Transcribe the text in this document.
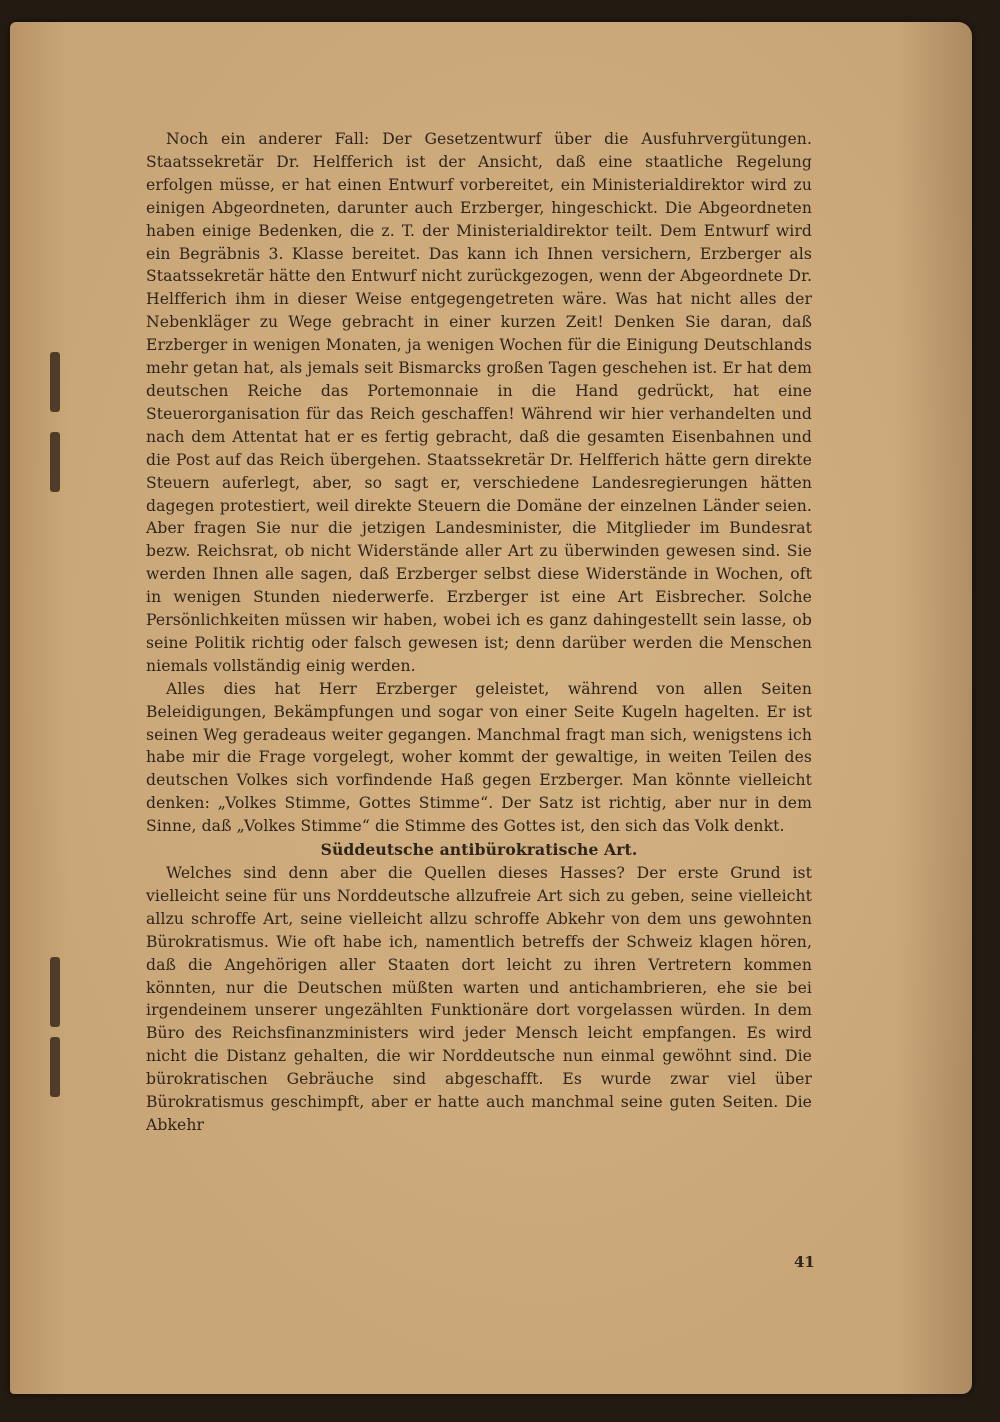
Noch ein anderer Fall: Der Gesetzentwurf über die Ausfuhrvergütungen. Staatssekretär Dr. Helfferich ist der Ansicht, daß eine staatliche Regelung erfolgen müsse, er hat einen Entwurf vorbereitet, ein Ministerialdirektor wird zu einigen Abgeordneten, darunter auch Erzberger, hingeschickt. Die Abgeordneten haben einige Bedenken, die z. T. der Ministerialdirektor teilt. Dem Entwurf wird ein Begräbnis 3. Klasse bereitet. Das kann ich Ihnen versichern, Erzberger als Staatssekretär hätte den Entwurf nicht zurückgezogen, wenn der Abgeordnete Dr. Helfferich ihm in dieser Weise entgegengetreten wäre. Was hat nicht alles der Nebenkläger zu Wege gebracht in einer kurzen Zeit! Denken Sie daran, daß Erzberger in wenigen Monaten, ja wenigen Wochen für die Einigung Deutschlands mehr getan hat, als jemals seit Bismarcks großen Tagen geschehen ist. Er hat dem deutschen Reiche das Portemonnaie in die Hand gedrückt, hat eine Steuerorganisation für das Reich geschaffen! Während wir hier verhandelten und nach dem Attentat hat er es fertig gebracht, daß die gesamten Eisenbahnen und die Post auf das Reich übergehen. Staatssekretär Dr. Helfferich hätte gern direkte Steuern auferlegt, aber, so sagt er, verschiedene Landesregierungen hätten dagegen protestiert, weil direkte Steuern die Domäne der einzelnen Länder seien. Aber fragen Sie nur die jetzigen Landesminister, die Mitglieder im Bundesrat bezw. Reichsrat, ob nicht Widerstände aller Art zu überwinden gewesen sind. Sie werden Ihnen alle sagen, daß Erzberger selbst diese Widerstände in Wochen, oft in wenigen Stunden niederwerfe. Erzberger ist eine Art Eisbrecher. Solche Persönlichkeiten müssen wir haben, wobei ich es ganz dahingestellt sein lasse, ob seine Politik richtig oder falsch gewesen ist; denn darüber werden die Menschen niemals vollständig einig werden.

Alles dies hat Herr Erzberger geleistet, während von allen Seiten Beleidigungen, Bekämpfungen und sogar von einer Seite Kugeln hagelten. Er ist seinen Weg geradeaus weiter gegangen. Manchmal fragt man sich, wenigstens ich habe mir die Frage vorgelegt, woher kommt der gewaltige, in weiten Teilen des deutschen Volkes sich vorfindende Haß gegen Erzberger. Man könnte vielleicht denken: „Volkes Stimme, Gottes Stimme“. Der Satz ist richtig, aber nur in dem Sinne, daß „Volkes Stimme“ die Stimme des Gottes ist, den sich das Volk denkt.

Süddeutsche antibürokratische Art.

Welches sind denn aber die Quellen dieses Hasses? Der erste Grund ist vielleicht seine für uns Norddeutsche allzufreie Art sich zu geben, seine vielleicht allzu schroffe Art, seine vielleicht allzu schroffe Abkehr von dem uns gewohnten Bürokratismus. Wie oft habe ich, namentlich betreffs der Schweiz klagen hören, daß die Angehörigen aller Staaten dort leicht zu ihren Vertretern kommen könnten, nur die Deutschen müßten warten und antichambrieren, ehe sie bei irgendeinem unserer ungezählten Funktionäre dort vorgelassen würden. In dem Büro des Reichsfinanzministers wird jeder Mensch leicht empfangen. Es wird nicht die Distanz gehalten, die wir Norddeutsche nun einmal gewöhnt sind. Die bürokratischen Gebräuche sind abgeschafft. Es wurde zwar viel über Bürokratismus geschimpft, aber er hatte auch manchmal seine guten Seiten. Die Abkehr

41
